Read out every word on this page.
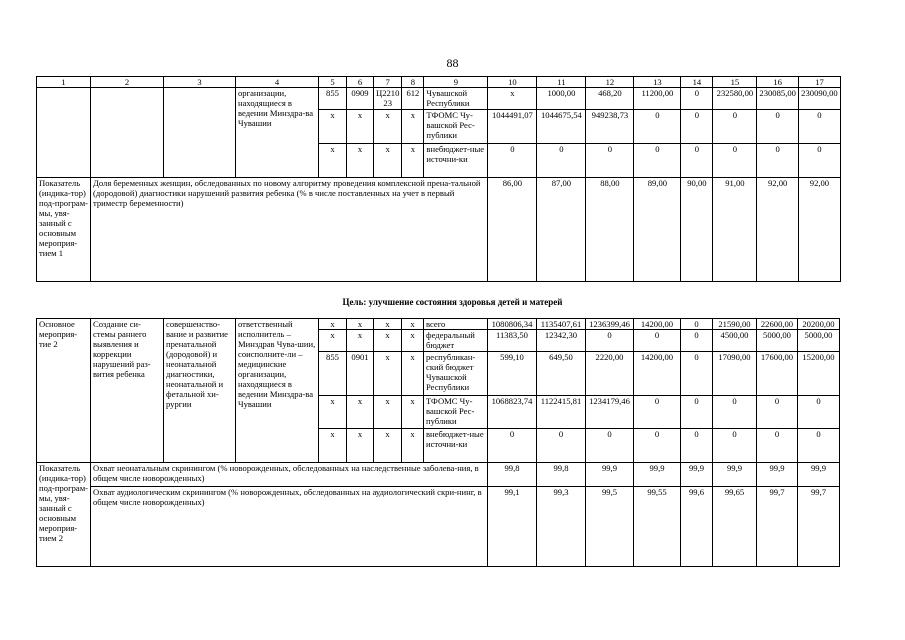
88
1	2	3	4	5	6	7	8	9	10	11	12	13	14	15	16	17
			организации, находящиеся в ведении Минздра-ва Чувашии	855	0909	Ц2210 23	612	Чувашской Республики	x	1000,00	468,20	11200,00	0	232580,00	230085,00	230090,00
				x	x	x	x	ТФОМС Чу-вашской Рес-публики	1044491,07	1044675,54	949238,73	0	0	0	0	0
				x	x	x	x	внебюджет-ные источни-ки	0	0	0	0	0	0	0	0
Показатель (индика-тор) под-програм-мы, увя-занный с основным мероприя-тием 1	Доля беременных женщин, обследованных по новому алгоритму проведения комплексной прена-тальной (дородовой) диагностики нарушений развития ребенка (% в числе поставленных на учет в первый триместр беременности)								86,00	87,00	88,00	89,00	90,00	91,00	92,00	92,00
Цель: улучшение состояния здоровья детей и матерей
Основное мероприя-тие 2	Создание си-стемы раннего выявления и коррекции нарушений раз-вития ребенка	совершенство-вание и развитие пренатальной (дородовой) и неонатальной диагностики, неонатальной и фетальной хи-рургии	ответственный исполнитель – Минздрав Чува-шии, соисполните-ли – медицинские организации, находящиеся в ведении Минздра-ва Чувашии	x	x	x	x	всего	1080806,34	1135407,61	1236399,46	14200,00	0	21590,00	22600,00	20200,00
				x	x	x	x	федеральный бюджет	11383,50	12342,30	0	0	0	4500,00	5000,00	5000,00
				855	0901	x	x	республикан-ский бюджет Чувашской Республики	599,10	649,50	2220,00	14200,00	0	17090,00	17600,00	15200,00
				x	x	x	x	ТФОМС Чу-вашской Рес-публики	1068823,74	1122415,81	1234179,46	0	0	0	0	0
				x	x	x	x	внебюджет-ные источни-ки	0	0	0	0	0	0	0	0
Показатель (индика-тор) под-програм-мы, увя-занный с основным мероприя-тием 2	Охват неонатальным скринингом (% новорожденных, обследованных на наследственные заболева-ния, в общем числе новорожденных)								99,8	99,8	99,9	99,9	99,9	99,9	99,9	99,9
	Охват аудиологическим скринингом (% новорожденных, обследованных на аудиологический скри-нинг, в общем числе новорожденных)								99,1	99,3	99,5	99,55	99,6	99,65	99,7	99,7
